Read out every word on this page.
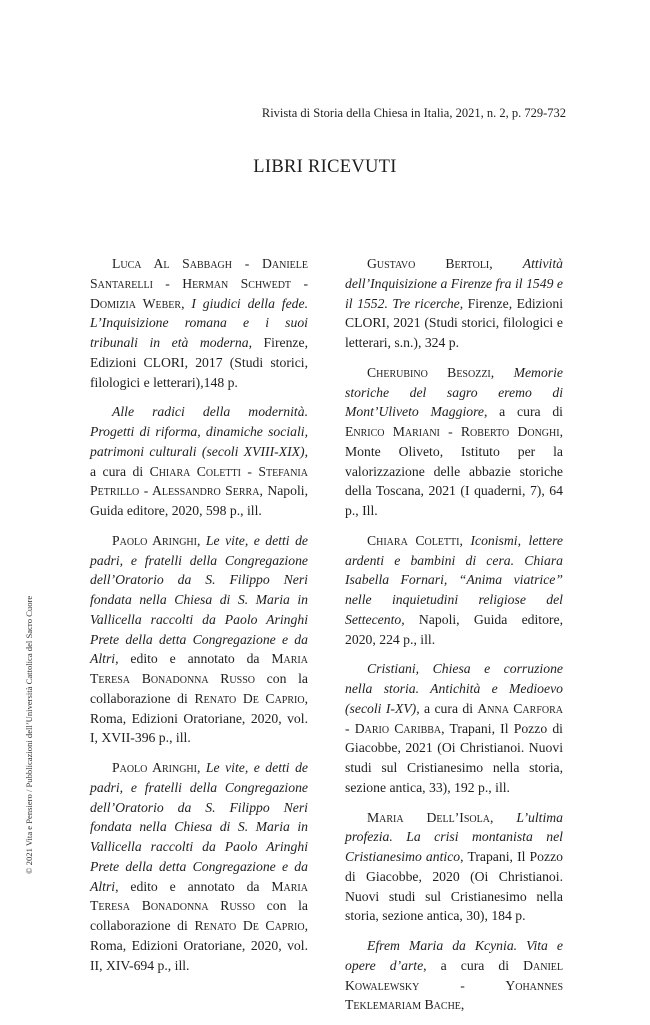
Rivista di Storia della Chiesa in Italia, 2021, n. 2, p. 729-732
LIBRI RICEVUTI
© 2021 Vita e Pensiero / Pubblicazioni dell’Università Cattolica del Sacro Cuore

Luca Al Sabbagh - Daniele Santarelli - Herman Schwedt - Domizia Weber, I giudici della fede. L’Inquisizione romana e i suoi tribunali in età moderna, Firenze, Edizioni CLORI, 2017 (Studi storici, filologici e letterari),148 p.

Alle radici della modernità. Progetti di riforma, dinamiche sociali, patrimoni culturali (secoli XVIII-XIX), a cura di Chiara Coletti - Stefania Petrillo - Alessandro Serra, Napoli, Guida editore, 2020, 598 p., ill.

Paolo Aringhi, Le vite, e detti de padri, e fratelli della Congregazione dell’Oratorio da S. Filippo Neri fondata nella Chiesa di S. Maria in Vallicella raccolti da Paolo Aringhi Prete della detta Congregazione e da Altri, edito e annotato da Maria Teresa Bonadonna Russo con la collaborazione di Renato De Caprio, Roma, Edizioni Oratoriane, 2020, vol. I, XVII-396 p., ill.

Paolo Aringhi, Le vite, e detti de padri, e fratelli della Congregazione dell’Oratorio da S. Filippo Neri fondata nella Chiesa di S. Maria in Vallicella raccolti da Paolo Aringhi Prete della detta Congregazione e da Altri, edito e annotato da Maria Teresa Bonadonna Russo con la collaborazione di Renato De Caprio, Roma, Edizioni Oratoriane, 2020, vol. II, XIV-694 p., ill.

Gustavo Bertoli, Attività dell’Inquisizione a Firenze fra il 1549 e il 1552. Tre ricerche, Firenze, Edizioni CLORI, 2021 (Studi storici, filologici e letterari, s.n.), 324 p.

Cherubino Besozzi, Memorie storiche del sagro eremo di Mont’Uliveto Maggiore, a cura di Enrico Mariani - Roberto Donghi, Monte Oliveto, Istituto per la valorizzazione delle abbazie storiche della Toscana, 2021 (I quaderni, 7), 64 p., Ill.

Chiara Coletti, Iconismi, lettere ardenti e bambini di cera. Chiara Isabella Fornari, “Anima viatrice” nelle inquietudini religiose del Settecento, Napoli, Guida editore, 2020, 224 p., ill.

Cristiani, Chiesa e corruzione nella storia. Antichità e Medioevo (secoli I-XV), a cura di Anna Carfora - Dario Caribba, Trapani, Il Pozzo di Giacobbe, 2021 (Oi Christianoi. Nuovi studi sul Cristianesimo nella storia, sezione antica, 33), 192 p., ill.

Maria Dell’Isola, L’ultima profezia. La crisi montanista nel Cristianesimo antico, Trapani, Il Pozzo di Giacobbe, 2020 (Oi Christianoi. Nuovi studi sul Cristianesimo nella storia, sezione antica, 30), 184 p.

Efrem Maria da Kcynia. Vita e opere d’arte, a cura di Daniel Kowalewsky - Yohannes Teklemariam Bache,
